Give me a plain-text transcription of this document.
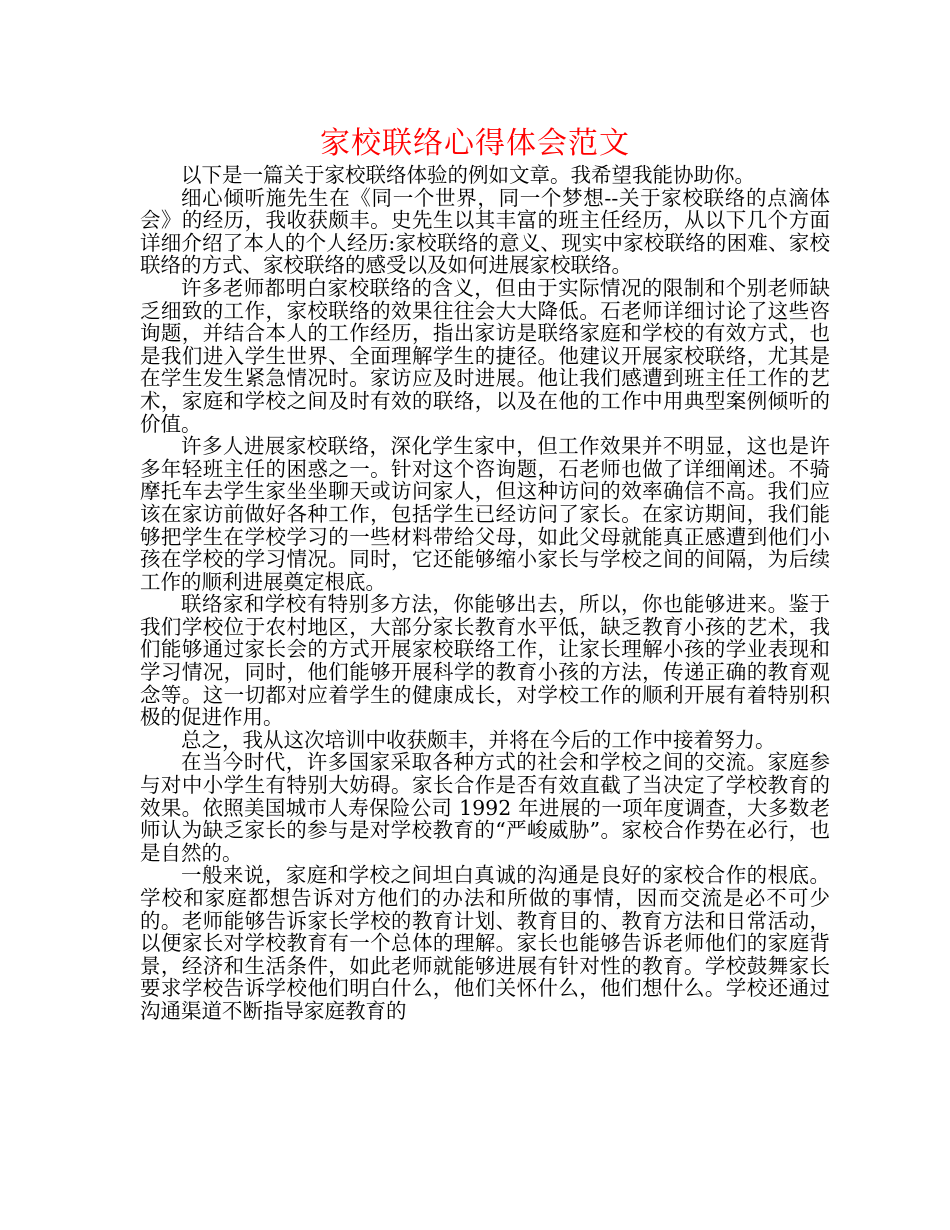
家校联络心得体会范文

以下是一篇关于家校联络体验的例如文章。我希望我能协助你。

细心倾听施先生在《同一个世界，同一个梦想--关于家校联络的点滴体会》的经历，我收获颇丰。史先生以其丰富的班主任经历，从以下几个方面详细介绍了本人的个人经历:家校联络的意义、现实中家校联络的困难、家校联络的方式、家校联络的感受以及如何进展家校联络。

许多老师都明白家校联络的含义，但由于实际情况的限制和个别老师缺乏细致的工作，家校联络的效果往往会大大降低。石老师详细讨论了这些咨询题，并结合本人的工作经历，指出家访是联络家庭和学校的有效方式，也是我们进入学生世界、全面理解学生的捷径。他建议开展家校联络，尤其是在学生发生紧急情况时。家访应及时进展。他让我们感遭到班主任工作的艺术，家庭和学校之间及时有效的联络，以及在他的工作中用典型案例倾听的价值。

许多人进展家校联络，深化学生家中，但工作效果并不明显，这也是许多年轻班主任的困惑之一。针对这个咨询题，石老师也做了详细阐述。不骑摩托车去学生家坐坐聊天或访问家人，但这种访问的效率确信不高。我们应该在家访前做好各种工作，包括学生已经访问了家长。在家访期间，我们能够把学生在学校学习的一些材料带给父母，如此父母就能真正感遭到他们小孩在学校的学习情况。同时，它还能够缩小家长与学校之间的间隔，为后续工作的顺利进展奠定根底。

联络家和学校有特别多方法，你能够出去，所以，你也能够进来。鉴于我们学校位于农村地区，大部分家长教育水平低，缺乏教育小孩的艺术，我们能够通过家长会的方式开展家校联络工作，让家长理解小孩的学业表现和学习情况，同时，他们能够开展科学的教育小孩的方法，传递正确的教育观念等。这一切都对应着学生的健康成长，对学校工作的顺利开展有着特别积极的促进作用。

总之，我从这次培训中收获颇丰，并将在今后的工作中接着努力。

在当今时代，许多国家采取各种方式的社会和学校之间的交流。家庭参与对中小学生有特别大妨碍。家长合作是否有效直截了当决定了学校教育的效果。依照美国城市人寿保险公司 1992 年进展的一项年度调查，大多数老师认为缺乏家长的参与是对学校教育的“严峻威胁”。家校合作势在必行，也是自然的。

一般来说，家庭和学校之间坦白真诚的沟通是良好的家校合作的根底。学校和家庭都想告诉对方他们的办法和所做的事情，因而交流是必不可少的。老师能够告诉家长学校的教育计划、教育目的、教育方法和日常活动，以便家长对学校教育有一个总体的理解。家长也能够告诉老师他们的家庭背景，经济和生活条件，如此老师就能够进展有针对性的教育。学校鼓舞家长要求学校告诉学校他们明白什么，他们关怀什么，他们想什么。学校还通过沟通渠道不断指导家庭教育的
